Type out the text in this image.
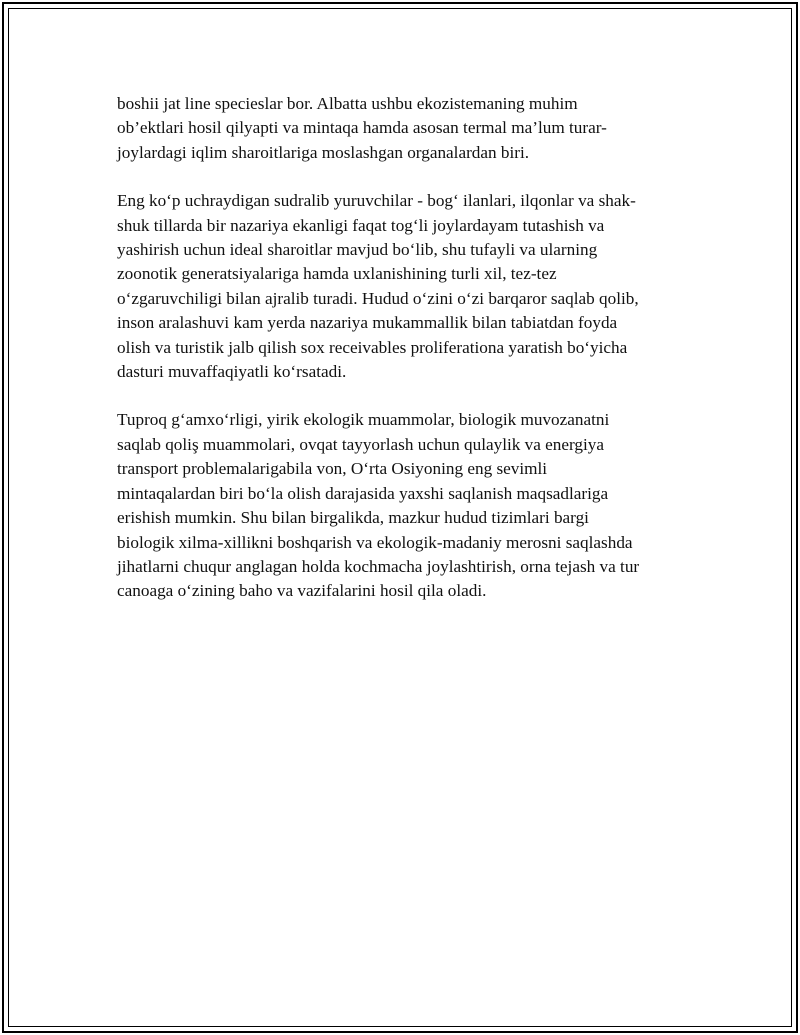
boshii jat line specieslar bor. Albatta ushbu ekozistemaning muhim
ob’ektlari hosil qilyapti va mintaqa hamda asosan termal ma’lum turar-
joylardagi iqlim sharoitlariga moslashgan organalardan biri.

Eng ko‘p uchraydigan sudralib yuruvchilar - bog‘ ilanlari, ilqonlar va shak-
shuk tillarda bir nazariya ekanligi faqat tog‘li joylardayam tutashish va
yashirish uchun ideal sharoitlar mavjud bo‘lib, shu tufayli va ularning
zoonotik generatsiyalariga hamda uxlanishining turli xil, tez-tez
o‘zgaruvchiligi bilan ajralib turadi. Hudud o‘zini o‘zi barqaror saqlab qolib,
inson aralashuvi kam yerda nazariya mukammallik bilan tabiatdan foyda
olish va turistik jalb qilish sox receivables proliferationa yaratish bo‘yicha
dasturi muvaffaqiyatli ko‘rsatadi.

Tuproq g‘amxo‘rligi, yirik ekologik muammolar, biologik muvozanatni
saqlab qoliş muammolari, ovqat tayyorlash uchun qulaylik va energiya
transport problemalarigabila von, O‘rta Osiyoning eng sevimli
mintaqalardan biri bo‘la olish darajasida yaxshi saqlanish maqsadlariga
erishish mumkin. Shu bilan birgalikda, mazkur hudud tizimlari bargi
biologik xilma-xillikni boshqarish va ekologik-madaniy merosni saqlashda
jihatlarni chuqur anglagan holda kochmacha joylashtirish, orna tejash va tur
canoaga o‘zining baho va vazifalarini hosil qila oladi.
